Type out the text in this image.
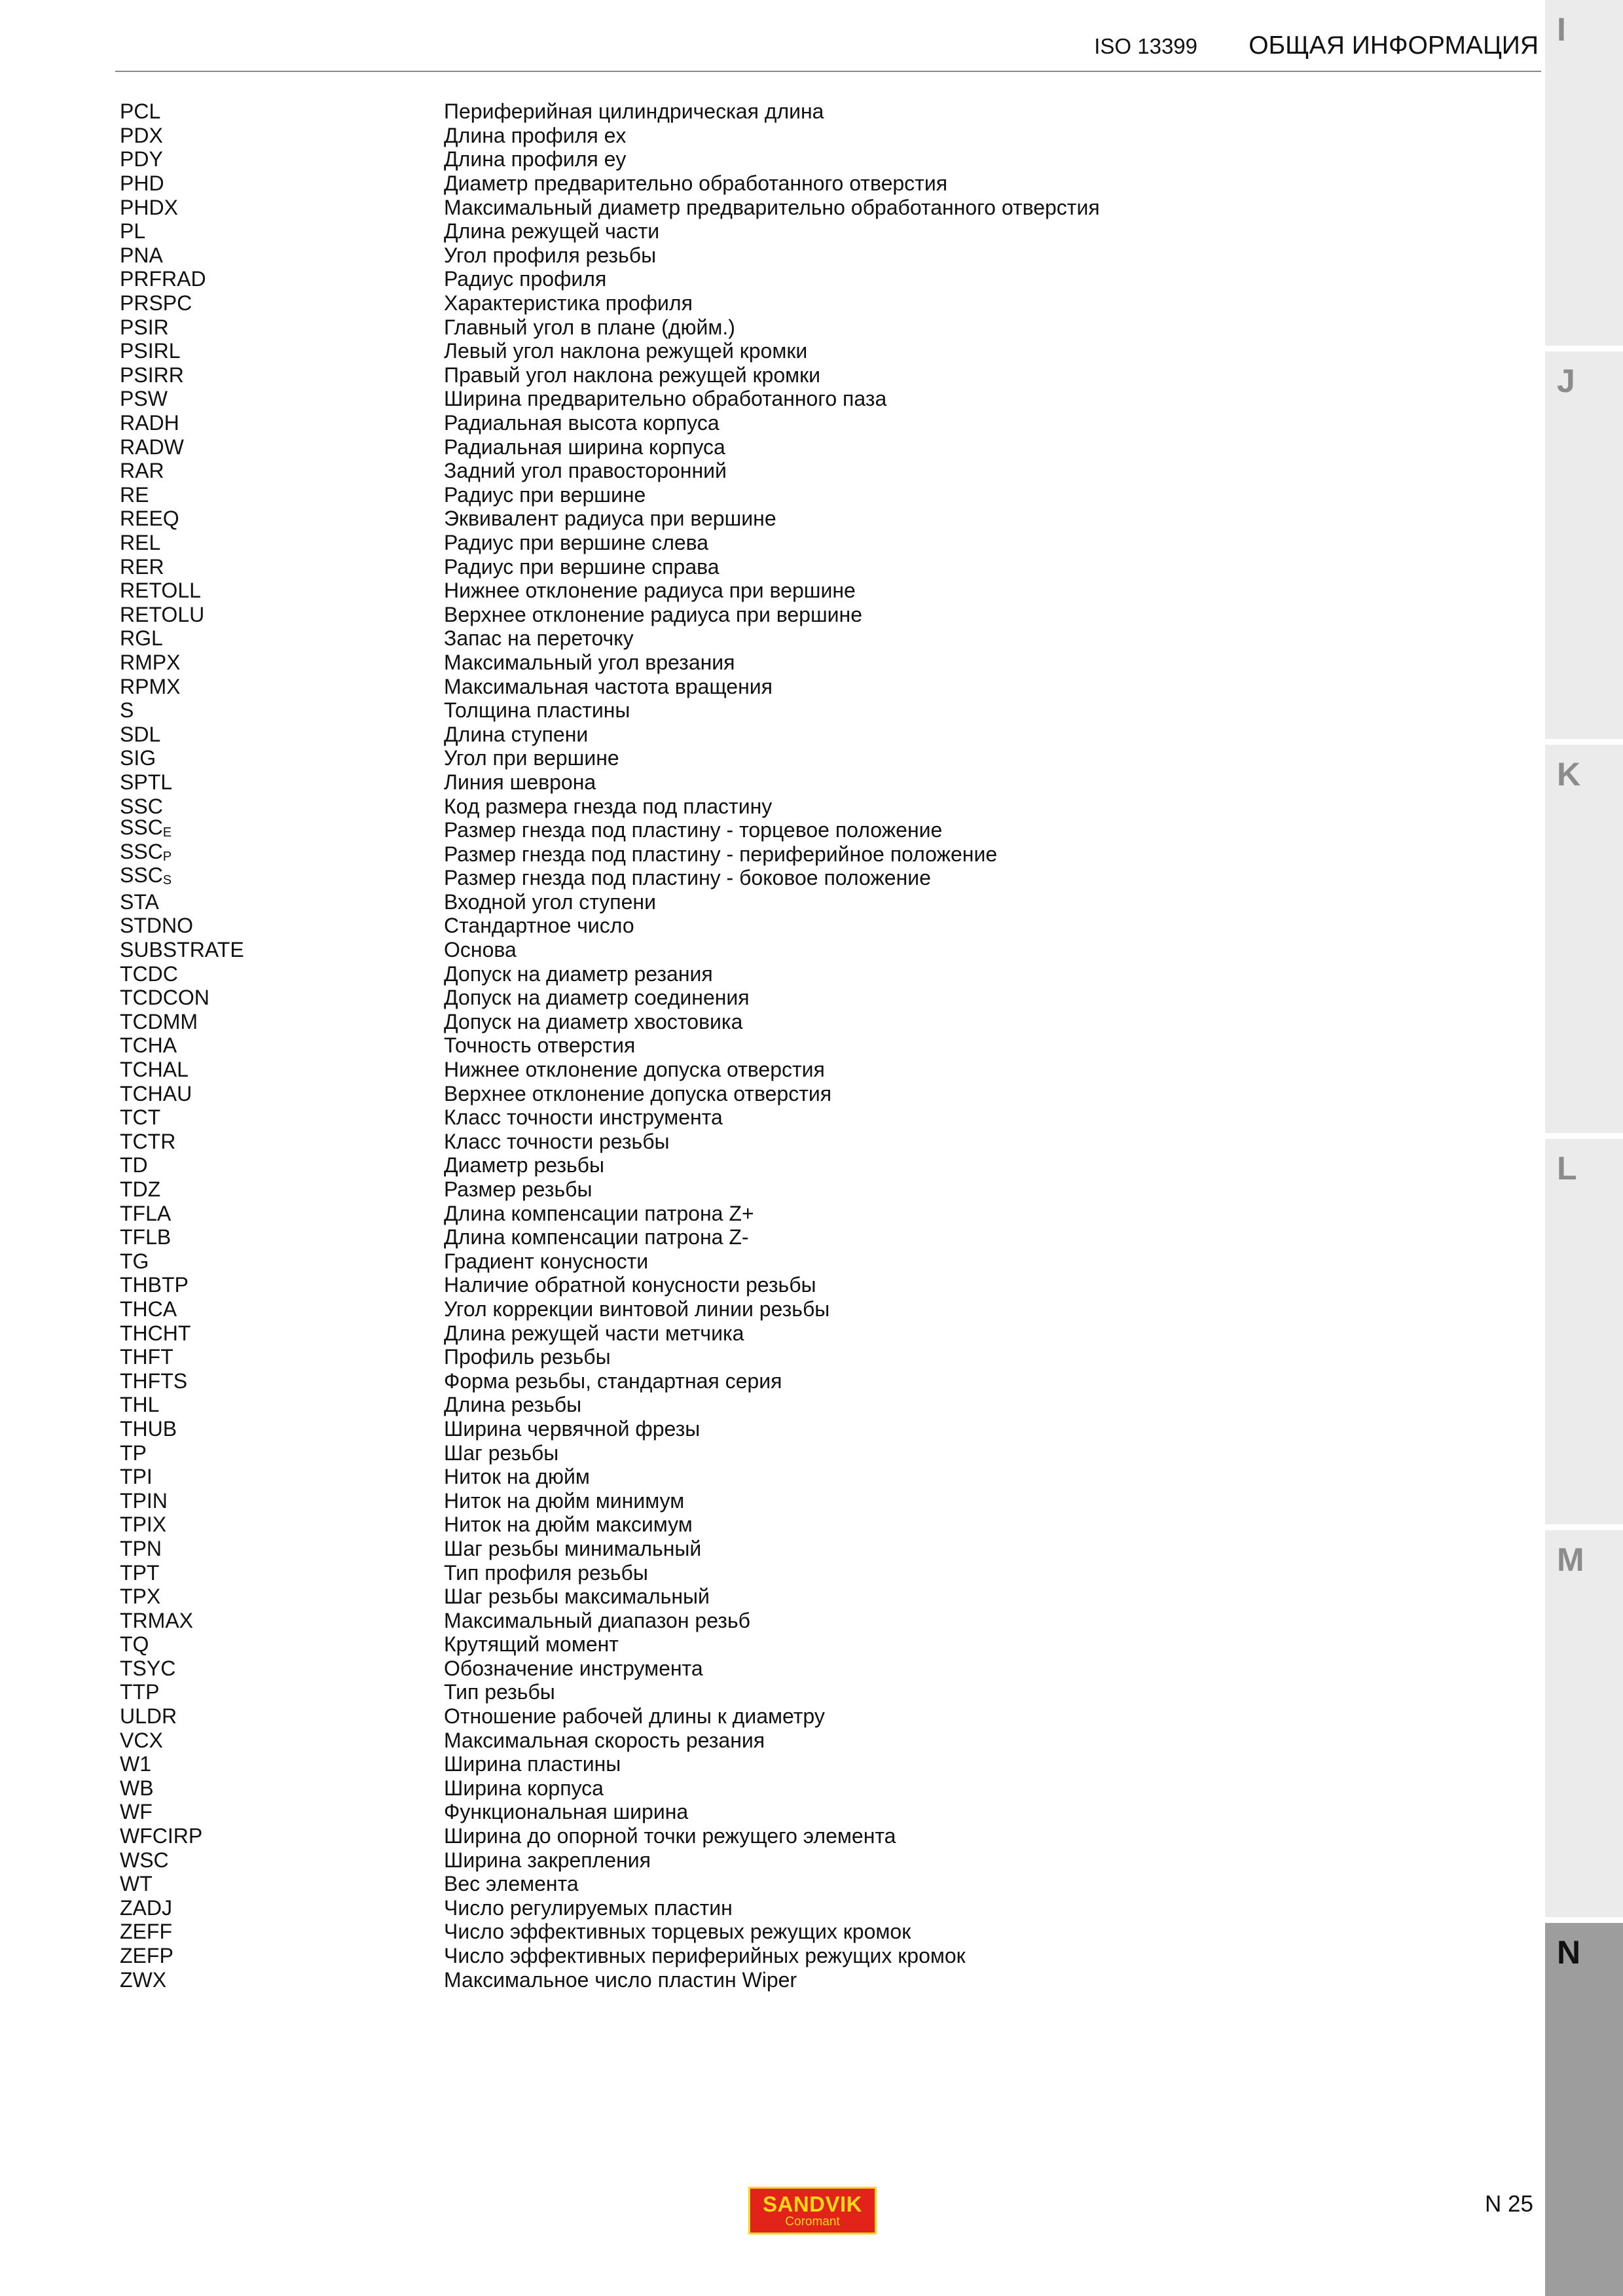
ISO 13399 ОБЩАЯ ИНФОРМАЦИЯ I
J
K
L
M
N
PCL	Периферийная цилиндрическая длина
PDX	Длина профиля ex
PDY	Длина профиля ey
PHD	Диаметр предварительно обработанного отверстия
PHDX	Максимальный диаметр предварительно обработанного отверстия
PL	Длина режущей части
PNA	Угол профиля резьбы
PRFRAD	Радиус профиля
PRSPC	Характеристика профиля
PSIR	Главный угол в плане (дюйм.)
PSIRL	Левый угол наклона режущей кромки
PSIRR	Правый угол наклона режущей кромки
PSW	Ширина предварительно обработанного паза
RADH	Радиальная высота корпуса
RADW	Радиальная ширина корпуса
RAR	Задний угол правосторонний
RE	Радиус при вершине
REEQ	Эквивалент радиуса при вершине
REL	Радиус при вершине слева
RER	Радиус при вершине справа
RETOLL	Нижнее отклонение радиуса при вершине
RETOLU	Верхнее отклонение радиуса при вершине
RGL	Запас на переточку
RMPX	Максимальный угол врезания
RPMX	Максимальная частота вращения
S	Толщина пластины
SDL	Длина ступени
SIG	Угол при вершине
SPTL	Линия шеврона
SSC	Код размера гнезда под пластину
$SSC_E$	Размер гнезда под пластину - торцевое положение
$SSC_P$	Размер гнезда под пластину - периферийное положение
$SSC_S$	Размер гнезда под пластину - боковое положение
STA	Входной угол ступени
STDNO	Стандартное число
SUBSTRATE	Основа
TCDC	Допуск на диаметр резания
TCDCON	Допуск на диаметр соединения
TCDMM	Допуск на диаметр хвостовика
TCHA	Точность отверстия
TCHAL	Нижнее отклонение допуска отверстия
TCHAU	Верхнее отклонение допуска отверстия
TCT	Класс точности инструмента
TCTR	Класс точности резьбы
TD	Диаметр резьбы
TDZ	Размер резьбы
TFLA	Длина компенсации патрона Z+
TFLB	Длина компенсации патрона Z-
TG	Градиент конусности
THBTP	Наличие обратной конусности резьбы
THCA	Угол коррекции винтовой линии резьбы
THCHT	Длина режущей части метчика
THFT	Профиль резьбы
THFTS	Форма резьбы, стандартная серия
THL	Длина резьбы
THUB	Ширина червячной фрезы
TP	Шаг резьбы
TPI	Ниток на дюйм
TPIN	Ниток на дюйм минимум
TPIX	Ниток на дюйм максимум
TPN	Шаг резьбы минимальный
TPT	Тип профиля резьбы
TPX	Шаг резьбы максимальный
TRMAX	Максимальный диапазон резьб
TQ	Крутящий момент
TSYC	Обозначение инструмента
TTP	Тип резьбы
ULDR	Отношение рабочей длины к диаметру
VCX	Максимальная скорость резания
W1	Ширина пластины
WB	Ширина корпуса
WF	Функциональная ширина
WFCIRP	Ширина до опорной точки режущего элемента
WSC	Ширина закрепления
WT	Вес элемента
ZADJ	Число регулируемых пластин
ZEFF	Число эффективных торцевых режущих кромок
ZEFP	Число эффективных периферийных режущих кромок
ZWX	Максимальное число пластин Wiper
SANDVIK
Coromant
N 25
